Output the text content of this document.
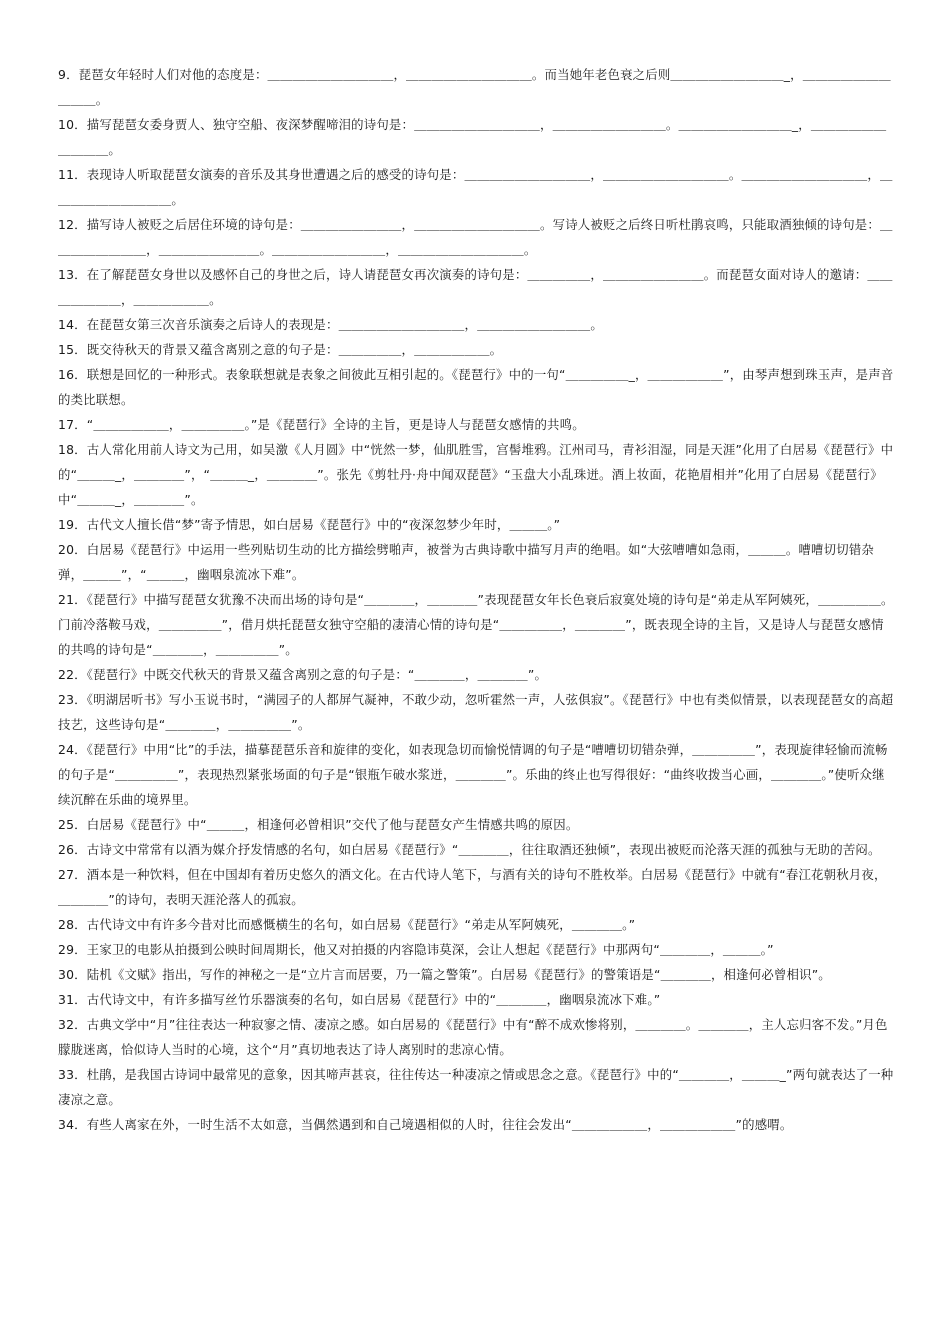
9．琵琶女年轻时人们对他的态度是：＿＿＿＿＿＿＿＿＿＿，＿＿＿＿＿＿＿＿＿＿。而当她年老色衰之后则＿＿＿＿＿＿＿＿＿_，＿＿＿＿＿＿＿＿＿＿。

10．描写琵琶女委身贾人、独守空船、夜深梦醒啼泪的诗句是：＿＿＿＿＿＿＿＿＿＿，＿＿＿＿＿＿＿＿＿。＿＿＿＿＿＿＿＿＿_，＿＿＿＿＿＿＿＿＿＿。

11．表现诗人听取琵琶女演奏的音乐及其身世遭遇之后的感受的诗句是：＿＿＿＿＿＿＿＿＿＿，＿＿＿＿＿＿＿＿＿＿。＿＿＿＿＿＿＿＿＿＿，＿＿＿＿＿＿＿＿＿＿。

12．描写诗人被贬之后居住环境的诗句是：＿＿＿＿＿＿＿＿，＿＿＿＿＿＿＿＿＿＿。写诗人被贬之后终日听杜鹃哀鸣，只能取酒独倾的诗句是：＿＿＿＿＿＿＿＿，＿＿＿＿＿＿＿＿。＿＿＿＿＿＿＿＿＿，＿＿＿＿＿＿＿＿＿＿。

13．在了解琵琶女身世以及感怀自己的身世之后，诗人请琵琶女再次演奏的诗句是：＿＿＿＿＿，＿＿＿＿＿＿＿＿。而琵琶女面对诗人的邀请：＿＿＿＿＿＿＿，＿＿＿＿＿＿。

14．在琵琶女第三次音乐演奏之后诗人的表现是：＿＿＿＿＿＿＿＿＿＿，＿＿＿＿＿＿＿＿＿。

15．既交待秋天的背景又蕴含离别之意的句子是：＿＿＿＿＿，＿＿＿＿＿＿。

16．联想是回忆的一种形式。表象联想就是表象之间彼此互相引起的。《琵琶行》中的一句“＿＿＿＿＿_，＿＿＿＿＿＿”，由琴声想到珠玉声，是声音的类比联想。

17．“＿＿＿＿＿＿，＿＿＿＿＿。”是《琵琶行》全诗的主旨，更是诗人与琵琶女感情的共鸣。

18．古人常化用前人诗文为己用，如吴激《人月圆》中“恍然一梦，仙肌胜雪，宫髻堆鸦。江州司马，青衫泪湿，同是天涯”化用了白居易《琵琶行》中的“＿＿＿_，＿＿＿＿”，“＿＿＿_，＿＿＿＿”。张先《剪牡丹·舟中闻双琵琶》“玉盘大小乱珠迸。酒上妆面，花艳眉相并”化用了白居易《琵琶行》中“＿＿＿_，＿＿＿＿”。

19．古代文人擅长借“梦”寄予情思，如白居易《琵琶行》中的“夜深忽梦少年时，＿＿＿。”

20．白居易《琵琶行》中运用一些列贴切生动的比方描绘劈啪声，被誉为古典诗歌中描写月声的绝唱。如“大弦嘈嘈如急雨，＿＿＿。嘈嘈切切错杂弹，＿＿＿”，“＿＿＿，幽咽泉流冰下难”。

21．《琵琶行》中描写琵琶女犹豫不决而出场的诗句是“＿＿＿＿，＿＿＿＿”表现琵琶女年长色衰后寂寞处境的诗句是“弟走从军阿姨死，＿＿＿＿＿。门前冷落鞍马戏，＿＿＿＿＿”，借月烘托琵琶女独守空船的凄清心情的诗句是“＿＿＿＿＿，＿＿＿＿”，既表现全诗的主旨，又是诗人与琵琶女感情的共鸣的诗句是“＿＿＿＿，＿＿＿＿＿”。

22．《琵琶行》中既交代秋天的背景又蕴含离别之意的句子是：“＿＿＿＿，＿＿＿＿”。

23．《明湖居听书》写小玉说书时，“满园子的人都屏气凝神，不敢少动，忽听霍然一声，人弦俱寂”。《琵琶行》中也有类似情景，以表现琵琶女的高超技艺，这些诗句是“＿＿＿＿，＿＿＿＿＿”。

24．《琵琶行》中用“比”的手法，描摹琵琶乐音和旋律的变化，如表现急切而愉悦情调的句子是“嘈嘈切切错杂弹，＿＿＿＿＿”，表现旋律轻愉而流畅的句子是“＿＿＿＿＿”，表现热烈紧张场面的句子是“银瓶乍破水浆迸，＿＿＿＿”。乐曲的终止也写得很好：“曲终收拨当心画，＿＿＿＿。”使听众继续沉醉在乐曲的境界里。

25．白居易《琵琶行》中“＿＿＿，相逢何必曾相识”交代了他与琵琶女产生情感共鸣的原因。

26．古诗文中常常有以酒为媒介抒发情感的名句，如白居易《琵琶行》“＿＿＿＿，往往取酒还独倾”，表现出被贬而沦落天涯的孤独与无助的苦闷。

27．酒本是一种饮料，但在中国却有着历史悠久的酒文化。在古代诗人笔下，与酒有关的诗句不胜枚举。白居易《琵琶行》中就有“春江花朝秋月夜，＿＿＿＿”的诗句，表明天涯沦落人的孤寂。

28．古代诗文中有许多今昔对比而感慨横生的名句，如白居易《琵琶行》“弟走从军阿姨死，＿＿＿＿。”

29．王家卫的电影从拍摄到公映时间周期长，他又对拍摄的内容隐讳莫深，会让人想起《琵琶行》中那两句“＿＿＿＿，＿＿＿。”

30．陆机《文赋》指出，写作的神秘之一是“立片言而居要，乃一篇之警策”。白居易《琵琶行》的警策语是“＿＿＿＿，相逢何必曾相识”。

31．古代诗文中，有许多描写丝竹乐器演奏的名句，如白居易《琵琶行》中的“＿＿＿＿，幽咽泉流冰下难。”

32．古典文学中“月”往往表达一种寂寥之情、凄凉之感。如白居易的《琵琶行》中有“醉不成欢惨将别，＿＿＿＿。＿＿＿＿，主人忘归客不发。”月色朦胧迷离，恰似诗人当时的心境，这个“月”真切地表达了诗人离别时的悲凉心情。

33．杜鹃，是我国古诗词中最常见的意象，因其啼声甚哀，往往传达一种凄凉之情或思念之意。《琵琶行》中的“＿＿＿＿，＿＿＿_”两句就表达了一种凄凉之意。

34．有些人离家在外，一时生活不太如意，当偶然遇到和自己境遇相似的人时，往往会发出“＿＿＿＿＿＿，＿＿＿＿＿＿”的感喟。
